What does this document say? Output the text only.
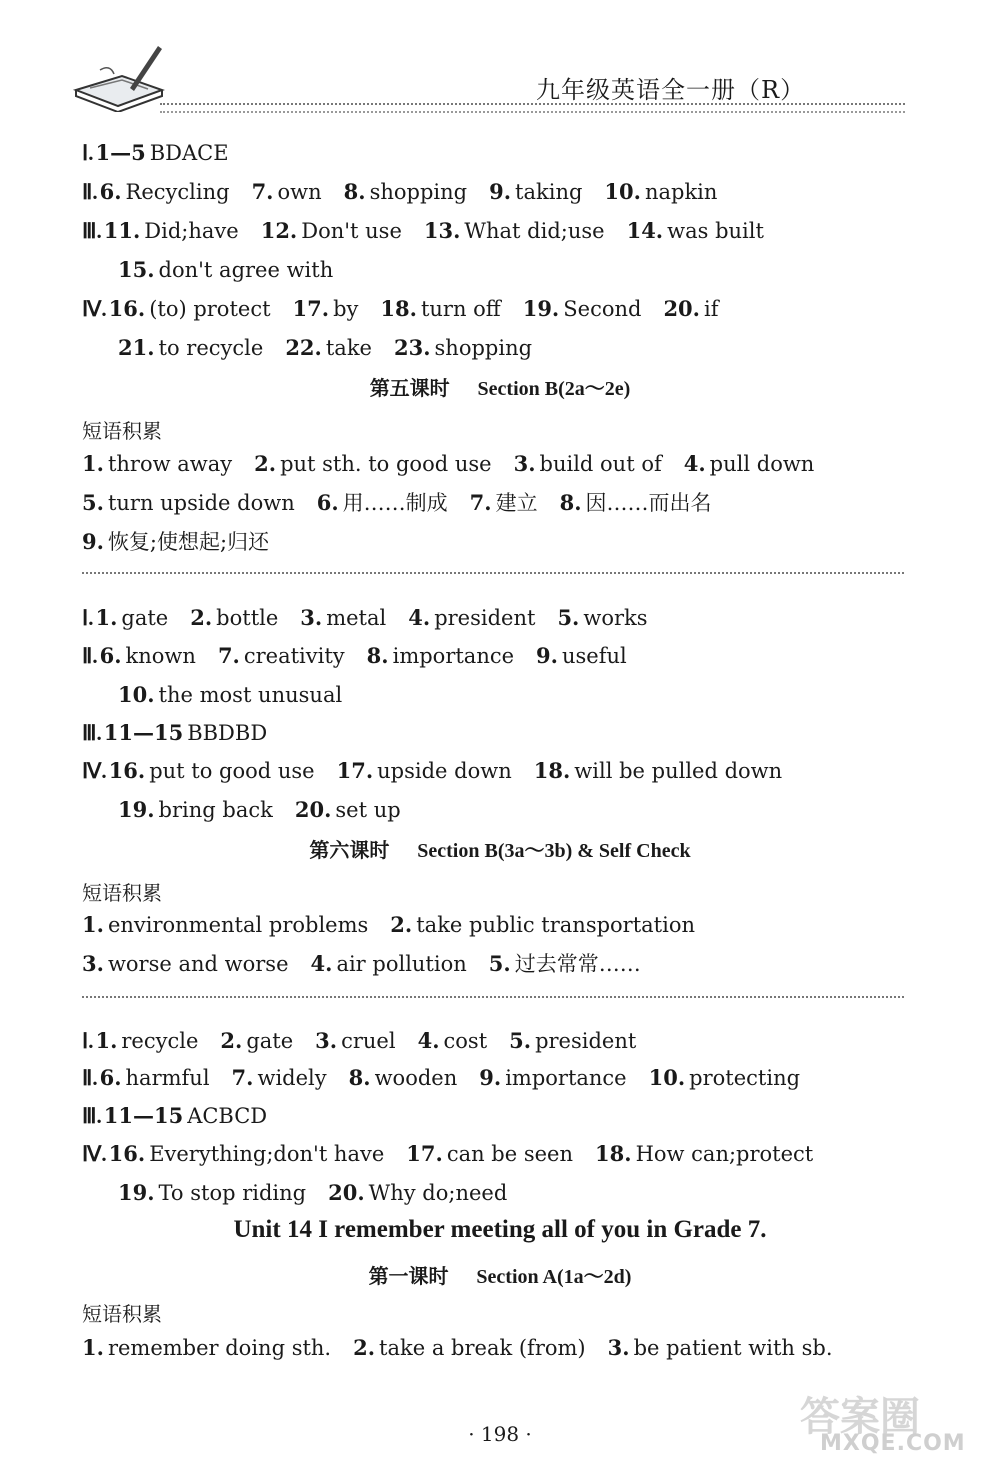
九年级英语全一册（R）
Ⅰ.1—5 BDACE
Ⅱ.6. Recycling 7. own 8. shopping 9. taking 10. napkin
Ⅲ.11. Did;have 12. Don't use 13. What did;use 14. was built
15. don't agree with
Ⅳ.16. (to) protect 17. by 18. turn off 19. Second 20. if
21. to recycle 22. take 23. shopping
第五课时 Section B(2a～2e)
短语积累
1. throw away 2. put sth. to good use 3. build out of 4. pull down
5. turn upside down 6. 用……制成 7. 建立 8. 因……而出名
9. 恢复;使想起;归还
Ⅰ.1. gate 2. bottle 3. metal 4. president 5. works
Ⅱ.6. known 7. creativity 8. importance 9. useful
10. the most unusual
Ⅲ.11—15 BBDBD
Ⅳ.16. put to good use 17. upside down 18. will be pulled down
19. bring back 20. set up
第六课时 Section B(3a～3b) & Self Check
短语积累
1. environmental problems 2. take public transportation
3. worse and worse 4. air pollution 5. 过去常常……
Ⅰ.1. recycle 2. gate 3. cruel 4. cost 5. president
Ⅱ.6. harmful 7. widely 8. wooden 9. importance 10. protecting
Ⅲ.11—15 ACBCD
Ⅳ.16. Everything;don't have 17. can be seen 18. How can;protect
19. To stop riding 20. Why do;need
Unit 14 I remember meeting all of you in Grade 7.
第一课时 Section A(1a～2d)
短语积累
1. remember doing sth. 2. take a break (from) 3. be patient with sb.
· 198 ·	答案圈
MXQE.COM
